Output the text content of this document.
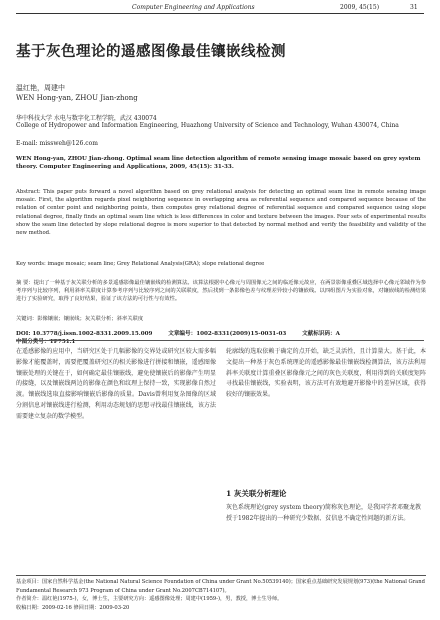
Computer Engineering and Applications	2009, 45(15)	31
基于灰色理论的遥感图像最佳镶嵌线检测
温红艳，周建中
WEN Hong-yan, ZHOU Jian-zhong
华中科技大学 水电与数字化工程学院，武汉 430074
College of Hydropower and Information Engineering, Huazhong University of Science and Technology, Wuhan 430074, China
E-mail: missweh@126.com
WEN Hong-yan, ZHOU Jian-zhong. Optimal seam line detection algorithm of remote sensing image mosaic based on grey system theory. Computer Engineering and Applications, 2009, 45(15): 31-33.
Abstract: This paper puts forward a novel algorithm based on grey relational analysis for detecting an optimal seam line in remote sensing image mosaic. First, the algorithm regards pixel neighboring sequence in overlapping area as referential sequence and compared sequence because of the relation of center point and neighboring points, then computes grey relational degree of referential sequence and compared sequence using slope relational degree, finally finds an optimal seam line which is less differences in color and texture between the images. Four sets of experimental results show the seam line detected by slope relational degree is more superior to that detected by normal method and verify the feasibility and validity of the new method.
Key words: image mosaic; seam line; Grey Relational Analysis(GRA); slope relational degree
摘 要：提出了一种基于灰关联分析的多景遥感影像最佳镶嵌线的检测算法。该算法根据中心像元与周围像元之间的临近像元故应，在两景影像重叠区域选择中心像元邻域作为参考序列与比较序列，利用斜率关联度计算参考序列与比较序列之间的关联联度，然后找到一条影像色差与纹理差异较小的镶嵌线。以四组图片为实验对象，对镶嵌线的检测结果进行了实验研究，取得了良好结果，验证了该方法的可行性与有效性。
关键词：影像镶嵌；镶嵌线；灰关联分析；斜率关联度
DOI: 10.3778/j.issn.1002-8331.2009.15.009	文章编号：1002-8331(2009)15-0031-03	文献标识码：A 中图分类号：TP751.1
在遥感影像的应用中，当研究区处于几幅影像的交界处或研究区较大需多幅影像才能覆盖时，需要把覆盖研究区的相关影像进行拼接和镶嵌，遥感图像镶嵌处理的关键在于，如何确定最佳镶嵌线，避免使镶嵌后的影像产生明显的接缝，以及镶嵌线两边的影像在颜色和纹理上保持一致，实现影像自然过渡。镶嵌线选取直接影响镶嵌后影像的质量。Davis曾利用复杂图像的区域分割信息对镶嵌线进行检测，利用动态规划的思想寻找最佳镶嵌线，该方法需要建立复杂的数学模型。
轮廓线的选取依赖于确定的点开始，缺乏灵活性，且计算量大。基于此，本文提出一种基于灰色系统理论的遥感影像最佳镶嵌线检测算法，该方法利用斜率关联度计算重叠区影像像元之间的灰色关联度，利用得到的关联度矩阵寻找最佳镶嵌线，实验表明，该方法可有效地避开影像中的差异区域，获得较好的镶嵌效果。
1 灰关联分析理论
灰色系统理论(grey system theory)简称灰色理论，是我国学者邓聚龙教授于1982年提出的一种研究少数据、贫信息不确定性问题的新方法。
基金项目：国家自然科学基金(the National Natural Science Foundation of China under Grant No.50539140)；国家重点基础研究发展规划(973)(the National Grand Fundamental Research 973 Program of China under Grant No.2007CB714107)。
作者简介：温红艳(1975-)，女，博士生，主要研究方向：遥感图像处理；周建中(1959-)，男，教授，博士生导师。
收稿日期：2009-02-16 修回日期：2009-03-20
